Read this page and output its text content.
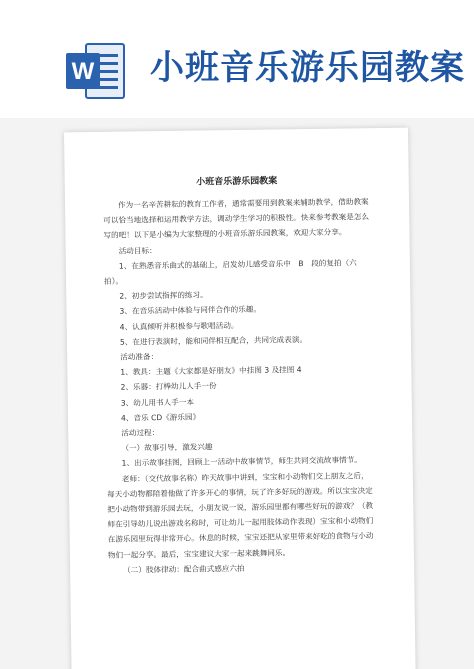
W 小班音乐游乐园教案
小班音乐游乐园教案

作为一名辛苦耕耘的教育工作者，通常需要用到教案来辅助教学，借助教案可以恰当地选择和运用教学方法，调动学生学习的积极性。快来参考教案是怎么写的吧！以下是小编为大家整理的小班音乐游乐园教案，欢迎大家分享。

活动目标：

1、在熟悉音乐曲式的基础上，启发幼儿感受音乐中　B　段的复拍（六拍）。

2、初步尝试指挥的练习。

3、在音乐活动中体验与同伴合作的乐趣。

4、认真倾听并积极参与歌唱活动。

5、在进行表演时，能和同伴相互配合，共同完成表演。

活动准备：

1、教具：主题《大家都是好朋友》中挂图 3 及挂图 4

2、乐器：打棒幼儿人手一份

3、幼儿用书人手一本

4、音乐 CD《游乐园》

活动过程：

（一）故事引导，激发兴趣

1、出示故事挂图，回顾上一活动中故事情节，师生共同交流故事情节。

老师：（交代故事名称）昨天故事中讲到，宝宝和小动物们交上朋友之后，每天小动物都陪着他做了许多开心的事情，玩了许多好玩的游戏。所以宝宝决定把小动物带到游乐园去玩，小朋友说一说，游乐园里都有哪些好玩的游戏？（教师在引导幼儿说出游戏名称时，可让幼儿一起用肢体动作表现）宝宝和小动物们在游乐园里玩得非常开心。休息的时候，宝宝还把从家里带来好吃的食物与小动物们一起分享。最后，宝宝建议大家一起来跳舞同乐。

（二）肢体律动：配合曲式感应六拍
